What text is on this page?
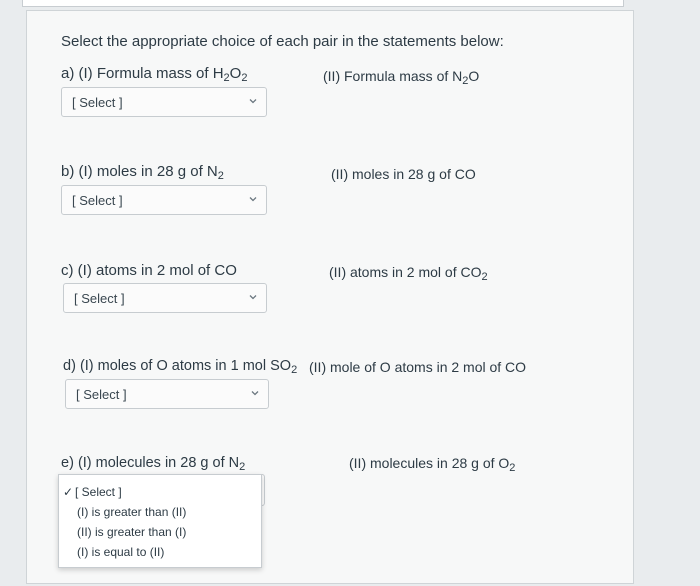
Select the appropriate choice of each pair in the statements below:
a) (I) Formula mass of $H_2O_2$	(II) Formula mass of $N_2O$
[ Select ]
b) (I) moles in 28 g of $N_2$	(II) moles in 28 g of CO
[ Select ]
c) (I) atoms in 2 mol of CO	(II) atoms in 2 mol of $CO_2$
[ Select ]
d) (I) moles of O atoms in 1 mol $SO_2$ (II) mole of O atoms in 2 mol of CO
[ Select ]
e) (I) molecules in 28 g of $N_2$	(II) molecules in 28 g of $O_2$
✓ [ Select ]
(I) is greater than (II)
(II) is greater than (I)
(I) is equal to (II)
